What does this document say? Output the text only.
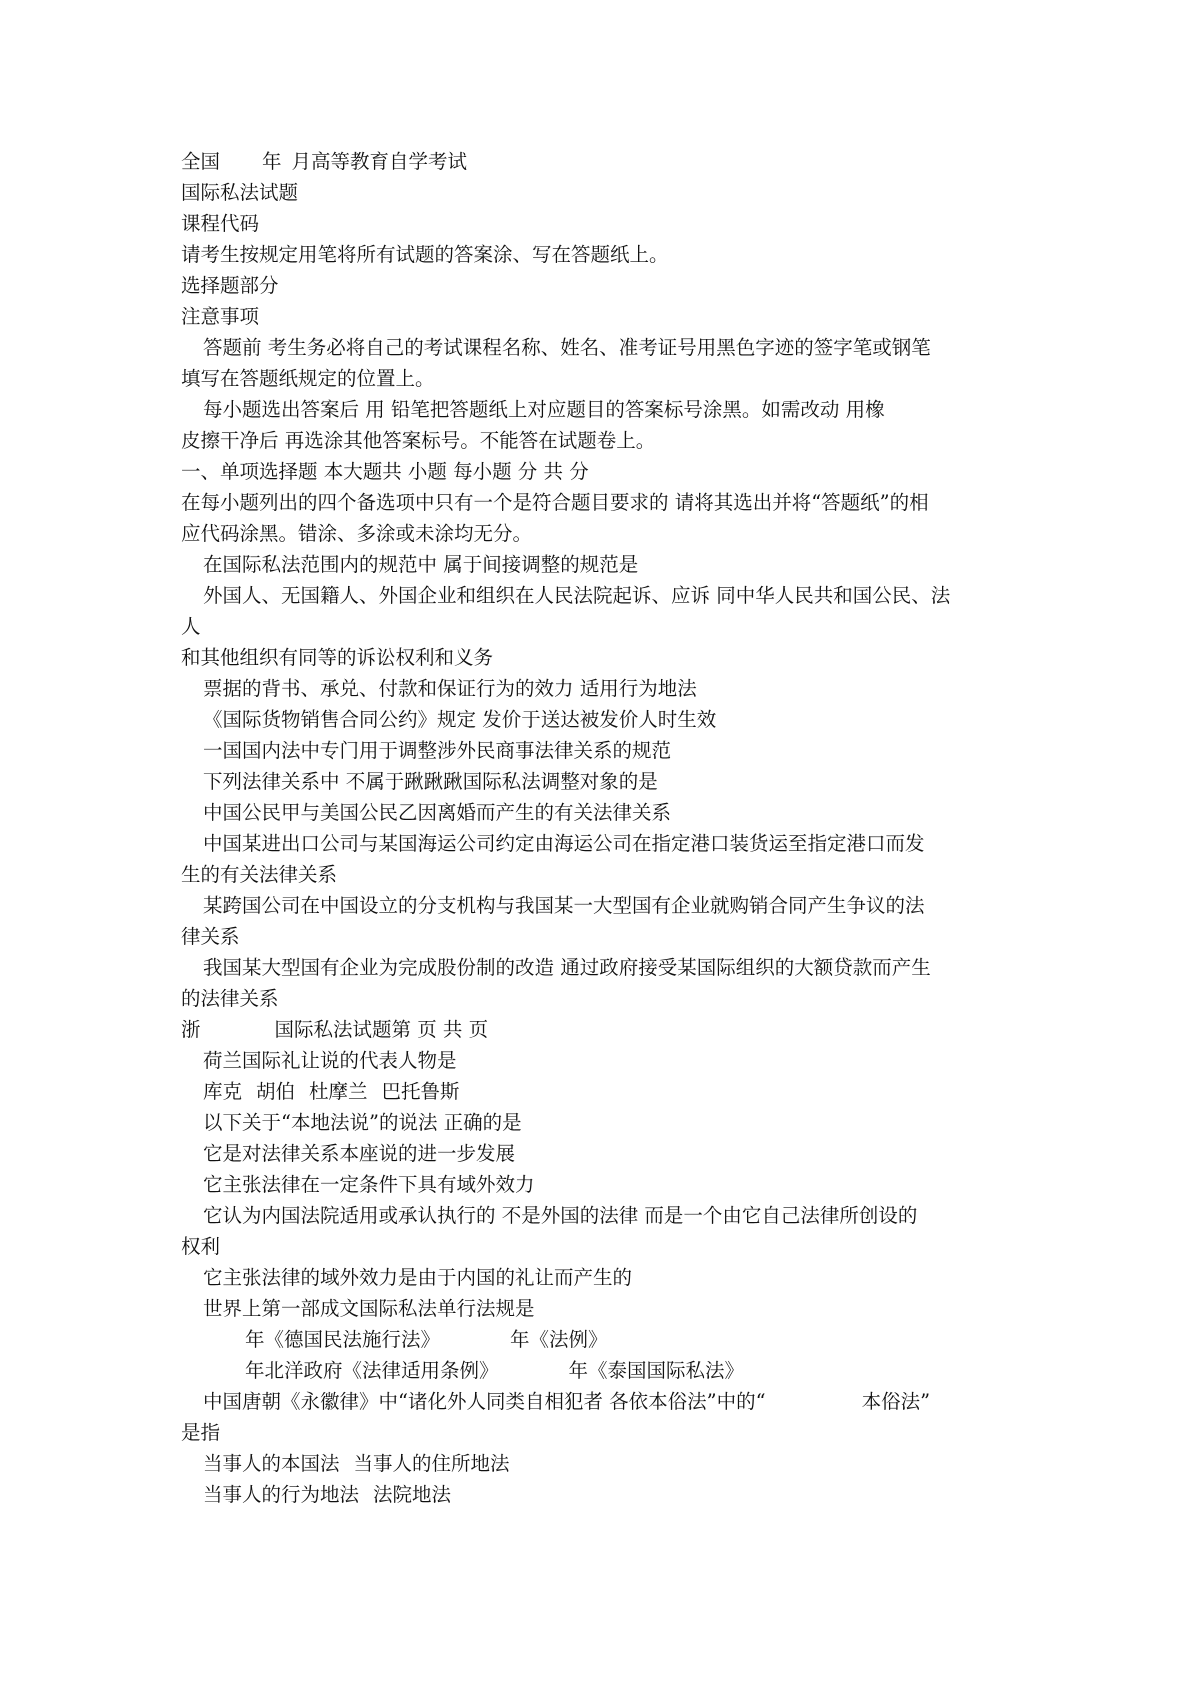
全国 年 月高等教育自学考试
国际私法试题
课程代码
请考生按规定用笔将所有试题的答案涂、写在答题纸上。
选择题部分
注意事项
答题前 考生务必将自己的考试课程名称、姓名、准考证号用黑色字迹的签字笔或钢笔
填写在答题纸规定的位置上。
每小题选出答案后 用 铅笔把答题纸上对应题目的答案标号涂黑。如需改动 用橡
皮擦干净后 再选涂其他答案标号。不能答在试题卷上。
一、单项选择题 本大题共 小题 每小题 分 共 分
在每小题列出的四个备选项中只有一个是符合题目要求的 请将其选出并将“答题纸”的相
应代码涂黑。错涂、多涂或未涂均无分。
在国际私法范围内的规范中 属于间接调整的规范是
外国人、无国籍人、外国企业和组织在人民法院起诉、应诉 同中华人民共和国公民、法
人
和其他组织有同等的诉讼权利和义务
票据的背书、承兑、付款和保证行为的效力 适用行为地法
《国际货物销售合同公约》规定 发价于送达被发价人时生效
一国国内法中专门用于调整涉外民商事法律关系的规范
下列法律关系中 不属于踿踿踿国际私法调整对象的是
中国公民甲与美国公民乙因离婚而产生的有关法律关系
中国某进出口公司与某国海运公司约定由海运公司在指定港口装货运至指定港口而发
生的有关法律关系
某跨国公司在中国设立的分支机构与我国某一大型国有企业就购销合同产生争议的法
律关系
我国某大型国有企业为完成股份制的改造 通过政府接受某国际组织的大额贷款而产生
的法律关系
浙	国际私法试题第 页 共 页
荷兰国际礼让说的代表人物是
库克 胡伯 杜摩兰 巴托鲁斯
以下关于“本地法说”的说法 正确的是
它是对法律关系本座说的进一步发展
它主张法律在一定条件下具有域外效力
它认为内国法院适用或承认执行的 不是外国的法律 而是一个由它自己法律所创设的
权利
它主张法律的域外效力是由于内国的礼让而产生的
世界上第一部成文国际私法单行法规是
年《德国民法施行法》	年《法例》
年北洋政府《法律适用条例》	年《泰国国际私法》
中国唐朝《永徽律》中“诸化外人同类自相犯者 各依本俗法”中的“	本俗法”
是指
当事人的本国法 当事人的住所地法
当事人的行为地法 法院地法
